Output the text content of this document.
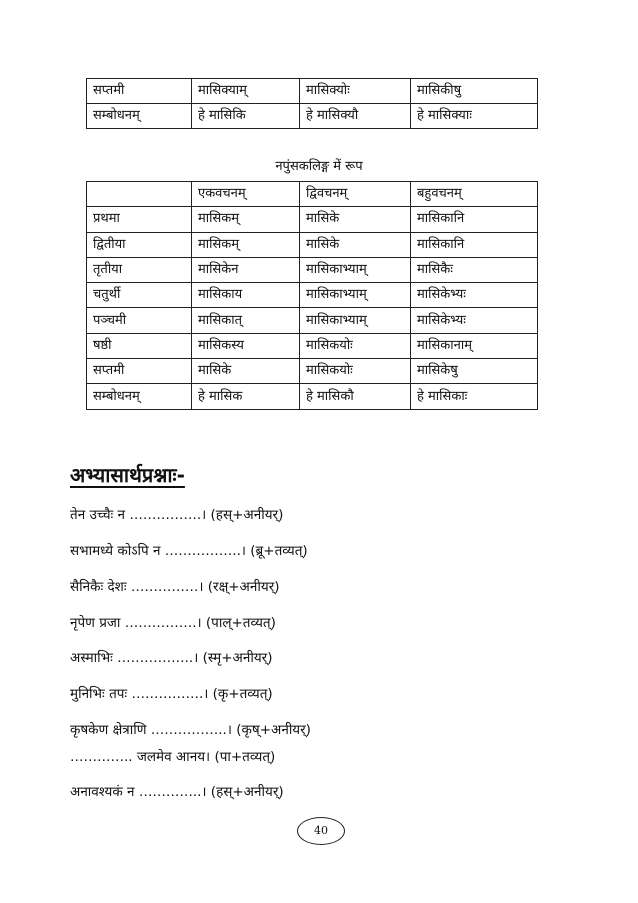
सप्तमी	मासिक्याम्	मासिक्योः	मासिकीषु
सम्बोधनम्	हे मासिकि	हे मासिक्यौ	हे मासिक्याः
नपुंसकलिङ्ग में रूप
	एकवचनम्	द्विवचनम्	बहुवचनम्
प्रथमा	मासिकम्	मासिके	मासिकानि
द्वितीया	मासिकम्	मासिके	मासिकानि
तृतीया	मासिकेन	मासिकाभ्याम्	मासिकैः
चतुर्थी	मासिकाय	मासिकाभ्याम्	मासिकेभ्यः
पञ्चमी	मासिकात्	मासिकाभ्याम्	मासिकेभ्यः
षष्ठी	मासिकस्य	मासिकयोः	मासिकानाम्
सप्तमी	मासिके	मासिकयोः	मासिकेषु
सम्बोधनम्	हे मासिक	हे मासिकौ	हे मासिकाः
अभ्यासार्थप्रश्नाः-
तेन उच्चैः न …………….। (हस्+अनीयर्)
सभामध्ये कोऽपि न ……………..। (ब्रू+तव्यत्)
सैनिकैः देशः ……………। (रक्ष्+अनीयर्)
नृपेण प्रजा …………….। (पाल्+तव्यत्)
अस्माभिः ……………..। (स्मृ+अनीयर्)
मुनिभिः तपः …………….। (कृ+तव्यत्)
कृषकेण क्षेत्राणि ……………..। (कृष्+अनीयर्)
………….. जलमेव आनय। (पा+तव्यत्)
अनावश्यकं न …………..। (हस्+अनीयर्)
40
